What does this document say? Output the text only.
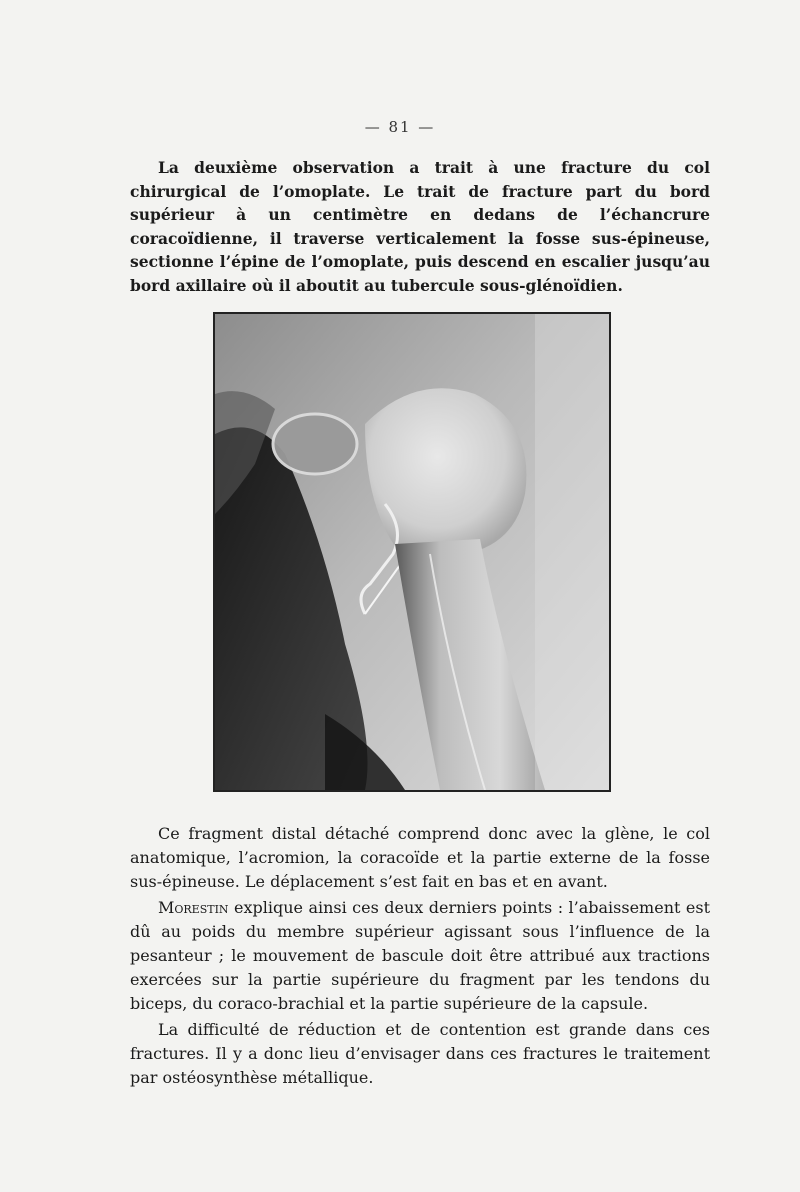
— 81 —

La deuxième observation a trait à une fracture du col chirurgical de l’omoplate. Le trait de fracture part du bord supérieur à un centimètre en dedans de l’échancrure coracoïdienne, il traverse verticalement la fosse sus-épineuse, sectionne l’épine de l’omoplate, puis descend en escalier jusqu’au bord axillaire où il aboutit au tubercule sous-glénoïdien.

Ce fragment distal détaché comprend donc avec la glène, le col anatomique, l’acromion, la coracoïde et la partie externe de la fosse sus-épineuse. Le déplacement s’est fait en bas et en avant.

Morestin explique ainsi ces deux derniers points : l’abaissement est dû au poids du membre supérieur agissant sous l’influence de la pesanteur ; le mouvement de bascule doit être attribué aux tractions exercées sur la partie supérieure du fragment par les tendons du biceps, du coraco-brachial et la partie supérieure de la capsule.

La difficulté de réduction et de contention est grande dans ces fractures. Il y a donc lieu d’envisager dans ces fractures le traitement par ostéosynthèse métallique.
